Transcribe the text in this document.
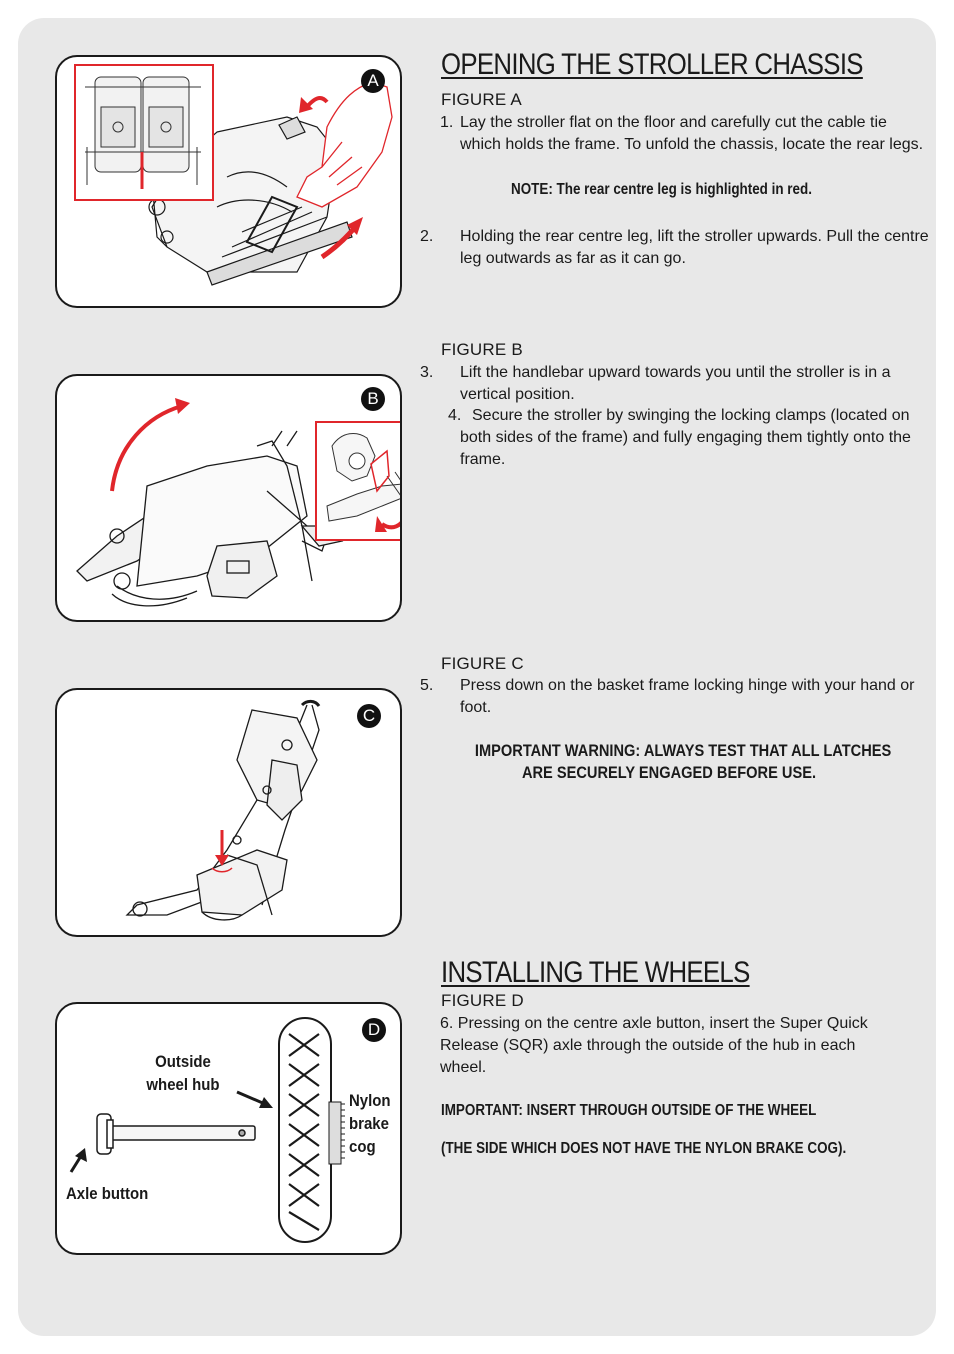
A
B
C
D
Outside
wheel hub
Nylon
brake
cog
Axle button
OPENING THE STROLLER CHASSIS
FIGURE A
1. Lay the stroller flat on the floor and carefully cut the cable tie which holds the frame. To unfold the chassis, locate the rear legs.
NOTE: The rear centre leg is highlighted in red.
2. Holding the rear centre leg, lift the stroller upwards. Pull the centre leg outwards as far as it can go.
FIGURE B
3. Lift the handlebar upward towards you until the stroller is in a vertical position.
4. Secure the stroller by swinging the locking clamps (located on both sides of the frame) and fully engaging them tightly onto the frame.
FIGURE C
5. Press down on the basket frame locking hinge with your hand or foot.
IMPORTANT WARNING: ALWAYS TEST THAT ALL LATCHES
ARE SECURELY ENGAGED BEFORE USE.
INSTALLING THE WHEELS
FIGURE D
6. Pressing on the centre axle button, insert the Super Quick Release (SQR) axle through the outside of the hub in each wheel.
IMPORTANT: INSERT THROUGH OUTSIDE OF THE WHEEL
(THE SIDE WHICH DOES NOT HAVE THE NYLON BRAKE COG).
